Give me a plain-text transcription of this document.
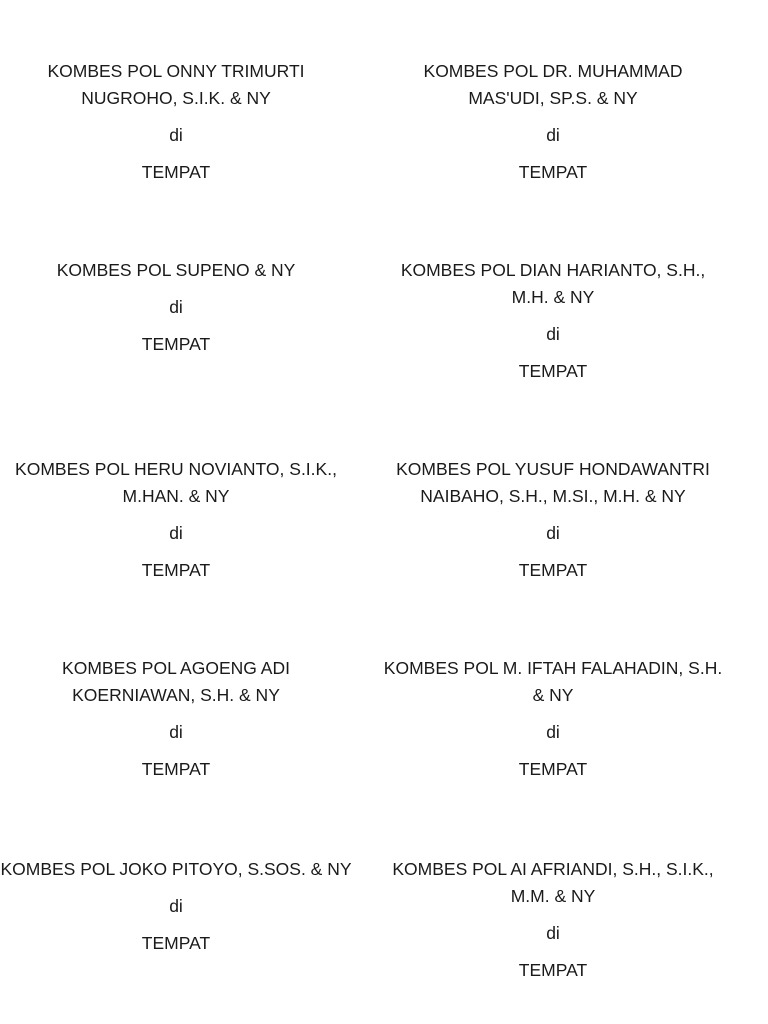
KOMBES POL ONNY TRIMURTI NUGROHO, S.I.K. & NY
di
TEMPAT
KOMBES POL DR. MUHAMMAD MAS'UDI, SP.S. & NY
di
TEMPAT
KOMBES POL SUPENO & NY
di
TEMPAT
KOMBES POL DIAN HARIANTO, S.H., M.H. & NY
di
TEMPAT
KOMBES POL HERU NOVIANTO, S.I.K., M.HAN. & NY
di
TEMPAT
KOMBES POL YUSUF HONDAWANTRI NAIBAHO, S.H., M.SI., M.H. & NY
di
TEMPAT
KOMBES POL AGOENG ADI KOERNIAWAN, S.H. & NY
di
TEMPAT
KOMBES POL M. IFTAH FALAHADIN, S.H. & NY
di
TEMPAT
KOMBES POL JOKO PITOYO, S.SOS. & NY
di
TEMPAT
KOMBES POL AI AFRIANDI, S.H., S.I.K., M.M. & NY
di
TEMPAT
